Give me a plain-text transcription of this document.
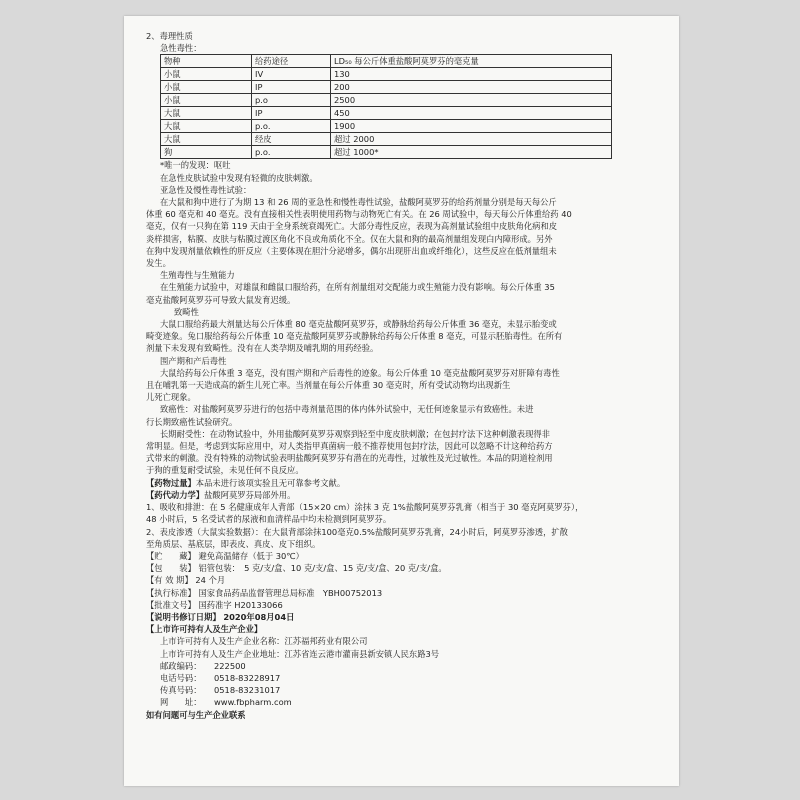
2、毒理性质
急性毒性：
物种	给药途径	LD₅₀ 每公斤体重盐酸阿莫罗芬的毫克量
小鼠	IV	130
小鼠	IP	200
小鼠	p.o	2500
大鼠	IP	450
大鼠	p.o.	1900
大鼠	经皮	超过 2000
狗	p.o.	超过 1000*
*唯一的发现：呕吐
在急性皮肤试验中发现有轻微的皮肤刺激。
亚急性及慢性毒性试验：
在大鼠和狗中进行了为期 13 和 26 周的亚急性和慢性毒性试验，盐酸阿莫罗芬的给药剂量分别是每天每公斤
体重 60 毫克和 40 毫克。没有直接相关性表明使用药物与动物死亡有关。在 26 周试验中，每天每公斤体重给药 40
毫克，仅有一只狗在第 119 天由于全身系统衰竭死亡。大部分毒性反应，表现为高剂量试验组中皮肤角化病和皮
炎样损害，粘膜、皮肤与粘膜过渡区角化不良或角质化不全。仅在大鼠和狗的最高剂量组发现白内障形成。另外
在狗中发现剂量依赖性的肝反应（主要体现在胆汁分泌增多，偶尔出现肝出血或纤维化），这些反应在低剂量组未
发生。
生殖毒性与生殖能力
在生殖能力试验中，对雄鼠和雌鼠口服给药，在所有剂量组对交配能力或生殖能力没有影响。每公斤体重 35
毫克盐酸阿莫罗芬可导致大鼠发育迟缓。
致畸性
大鼠口服给药最大剂量达每公斤体重 80 毫克盐酸阿莫罗芬，或静脉给药每公斤体重 36 毫克，未显示胎变或
畸变迹象。兔口服给药每公斤体重 10 毫克盐酸阿莫罗芬或静脉给药每公斤体重 8 毫克，可显示胚胎毒性。在所有
剂量下未发现有致畸性。没有在人类孕期及哺乳期的用药经验。
围产期和产后毒性
大鼠给药每公斤体重 3 毫克，没有围产期和产后毒性的迹象。每公斤体重 10 毫克盐酸阿莫罗芬对肝障有毒性
且在哺乳第一天造成高的新生儿死亡率。当剂量在每公斤体重 30 毫克时，所有受试动物均出现新生
儿死亡现象。
致癌性：对盐酸阿莫罗芬进行的包括中毒剂量范围的体内体外试验中，无任何迹象显示有致癌性。未进
行长期致癌性试验研究。
长期耐受性：在动物试验中，外用盐酸阿莫罗芬观察到轻至中度皮肤刺激；在包封疗法下这种刺激表现得非
常明显。但是，考虑到实际应用中，对人类指甲真菌病一般不推荐使用包封疗法，因此可以忽略不计这种给药方
式带来的刺激。没有特殊的动物试验表明盐酸阿莫罗芬有潜在的光毒性，过敏性及光过敏性。本品的阴道栓剂用
于狗的重复耐受试验，未见任何不良反应。
【药物过量】本品未进行该项实验且无可靠参考文献。
【药代动力学】盐酸阿莫罗芬局部外用。
1、吸收和排泄：在 5 名健康成年人背部（15×20 cm）涂抹 3 克 1%盐酸阿莫罗芬乳膏（相当于 30 毫克阿莫罗芬），
48 小时后，5 名受试者的尿液和血清样品中均未检测到阿莫罗芬。
2、表皮渗透（大鼠实验数据）：在大鼠背部涂抹100毫克0.5%盐酸阿莫罗芬乳膏，24小时后，阿莫罗芬渗透，扩散
至角质层、基底层，即表皮、真皮、皮下组织。
【贮　　藏】 避免高温储存（低于 30℃）
【包　　装】 铝管包装：　5 克/支/盒、10 克/支/盒、15 克/支/盒、20 克/支/盒。
【有 效 期】 24 个月
【执行标准】 国家食品药品监督管理总局标准　YBH00752013
【批准文号】 国药准字 H20133066
【说明书修订日期】 2020年08月04日
【上市许可持有人及生产企业】
上市许可持有人及生产企业名称：江苏福邦药业有限公司
上市许可持有人及生产企业地址：江苏省连云港市灌南县新安镇人民东路3号
邮政编码： 222500
电话号码： 0518-83228917
传真号码： 0518-83231017
网　　址： www.fbpharm.com
如有问题可与生产企业联系
